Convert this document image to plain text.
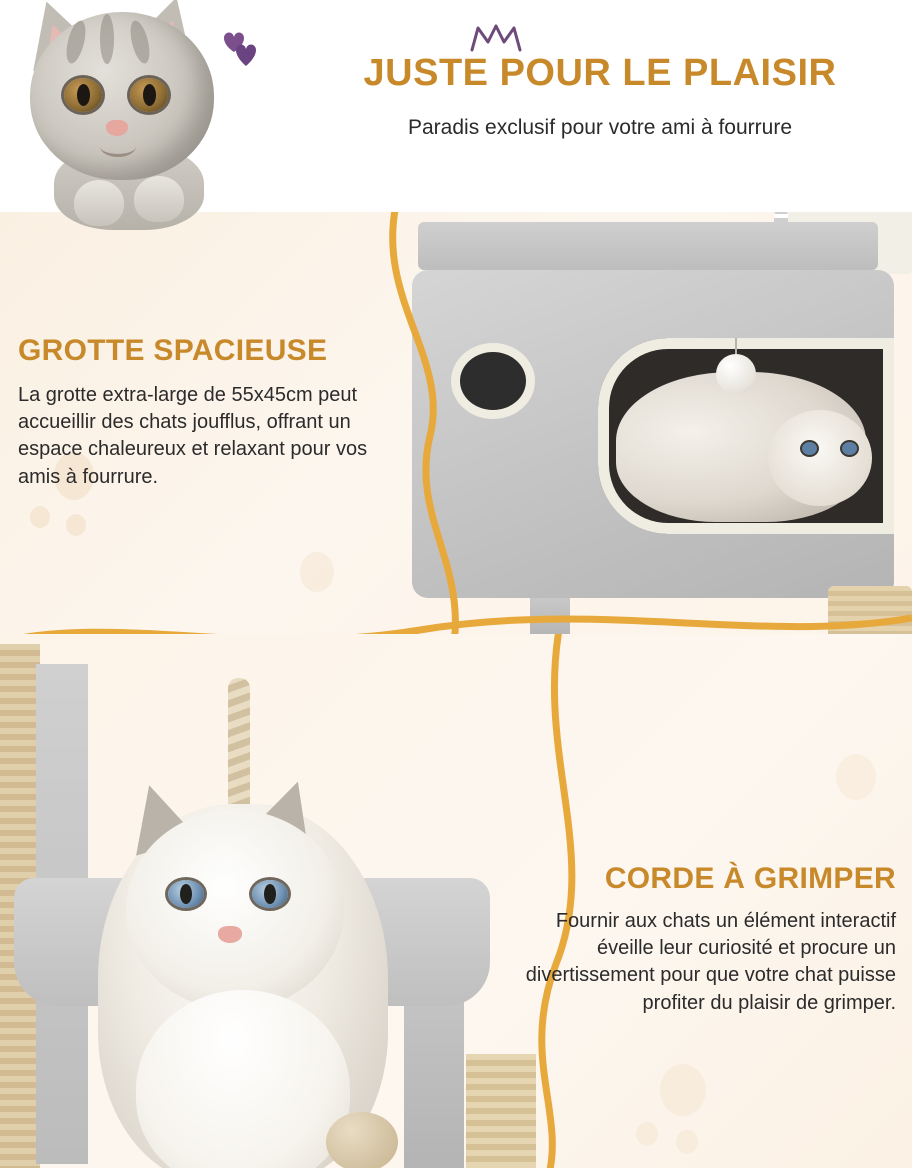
JUSTE POUR LE PLAISIR
Paradis exclusif pour votre ami à fourrure
GROTTE SPACIEUSE
La grotte extra-large de 55x45cm peut accueillir des chats joufflus, offrant un espace chaleureux et relaxant pour vos amis à fourrure.
CORDE À GRIMPER
Fournir aux chats un élément interactif éveille leur curiosité et procure un divertissement pour que votre chat puisse profiter du plaisir de grimper.
